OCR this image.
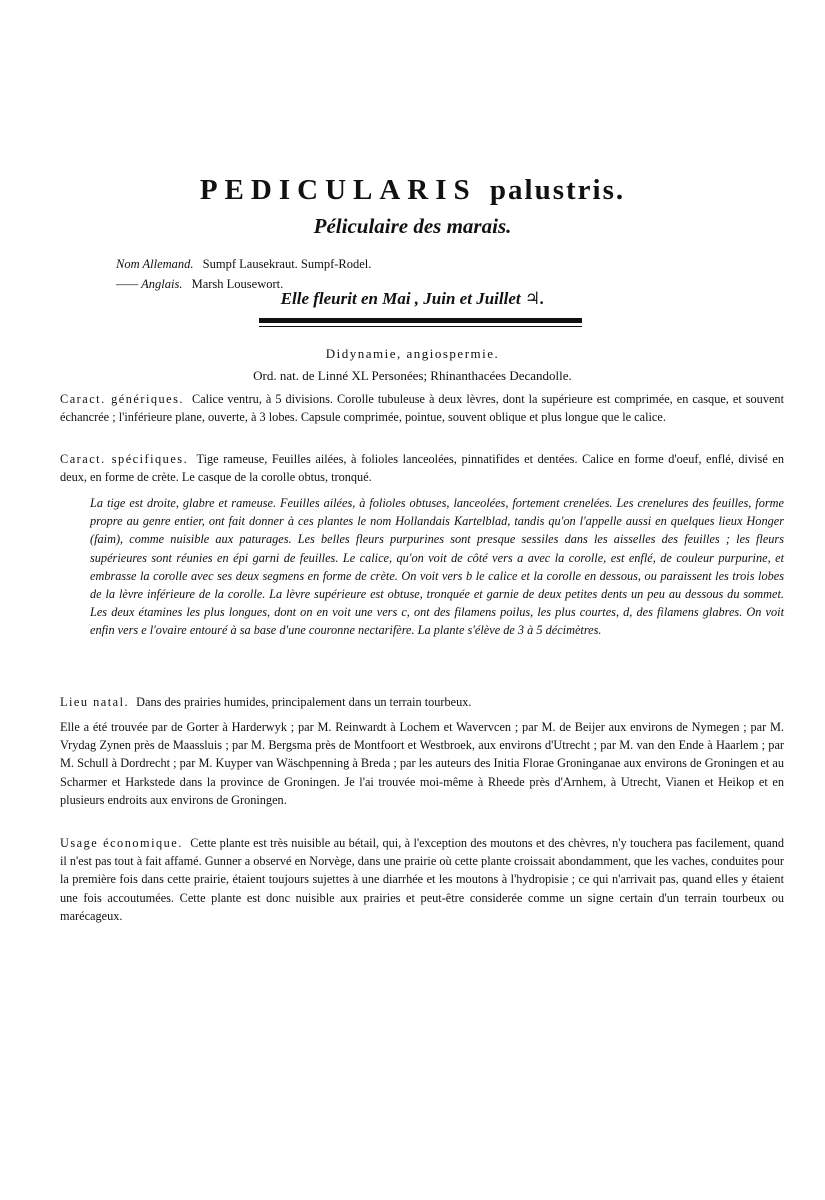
PEDICULARIS palustris.
Péliculaire des marais.
Nom Allemand. Sumpf Lausekraut. Sumpf-Rodel.
—— Anglais. Marsh Lousewort.
Elle fleurit en Mai , Juin et Juillet ♃.
Didynamie, angiospermie.
Ord. nat. de Linné XL Personées; Rhinanthacées Decandolle.
Caract. génériques. Calice ventru, à 5 divisions. Corolle tubuleuse à deux lèvres, dont la supérieure est comprimée, en casque, et souvent échancrée ; l'inférieure plane, ouverte, à 3 lobes. Capsule comprimée, pointue, souvent oblique et plus longue que le calice.
Caract. spécifiques. Tige rameuse, Feuilles ailées, à folioles lanceolées, pinnatifides et dentées. Calice en forme d'oeuf, enflé, divisé en deux, en forme de crète. Le casque de la corolle obtus, tronqué.
La tige est droite, glabre et rameuse. Feuilles ailées, à folioles obtuses, lanceolées, fortement crenelées. Les crenelures des feuilles, forme propre au genre entier, ont fait donner à ces plantes le nom Hollandais Kartelblad, tandis qu'on l'appelle aussi en quelques lieux Honger (faim), comme nuisible aux paturages. Les belles fleurs purpurines sont presque sessiles dans les aisselles des feuilles ; les fleurs supérieures sont réunies en épi garni de feuilles. Le calice, qu'on voit de côté vers a avec la corolle, est enflé, de couleur purpurine, et embrasse la corolle avec ses deux segmens en forme de crète. On voit vers b le calice et la corolle en dessous, ou paraissent les trois lobes de la lèvre inférieure de la corolle. La lèvre supérieure est obtuse, tronquée et garnie de deux petites dents un peu au dessous du sommet. Les deux étamines les plus longues, dont on en voit une vers c, ont des filamens poilus, les plus courtes, d, des filamens glabres. On voit enfin vers e l'ovaire entouré à sa base d'une couronne nectarifère. La plante s'élève de 3 à 5 décimètres.
Lieu natal. Dans des prairies humides, principalement dans un terrain tourbeux.
Elle a été trouvée par de Gorter à Harderwyk ; par M. Reinwardt à Lochem et Wavervcen ; par M. de Beijer aux environs de Nymegen ; par M. Vrydag Zynen près de Maassluis ; par M. Bergsma près de Montfoort et Westbroek, aux environs d'Utrecht ; par M. van den Ende à Haarlem ; par M. Schull à Dordrecht ; par M. Kuyper van Wäschpenning à Breda ; par les auteurs des Initia Florae Groninganae aux environs de Groningen et au Scharmer et Harkstede dans la province de Groningen. Je l'ai trouvée moi-même à Rheede près d'Arnhem, à Utrecht, Vianen et Heikop et en plusieurs endroits aux environs de Groningen.
Usage économique. Cette plante est très nuisible au bétail, qui, à l'exception des moutons et des chèvres, n'y touchera pas facilement, quand il n'est pas tout à fait affamé. Gunner a observé en Norvège, dans une prairie où cette plante croissait abondamment, que les vaches, conduites pour la première fois dans cette prairie, étaient toujours sujettes à une diarrhée et les moutons à l'hydropisie ; ce qui n'arrivait pas, quand elles y étaient une fois accoutumées. Cette plante est donc nuisible aux prairies et peut-être considerée comme un signe certain d'un terrain tourbeux ou marécageux.
